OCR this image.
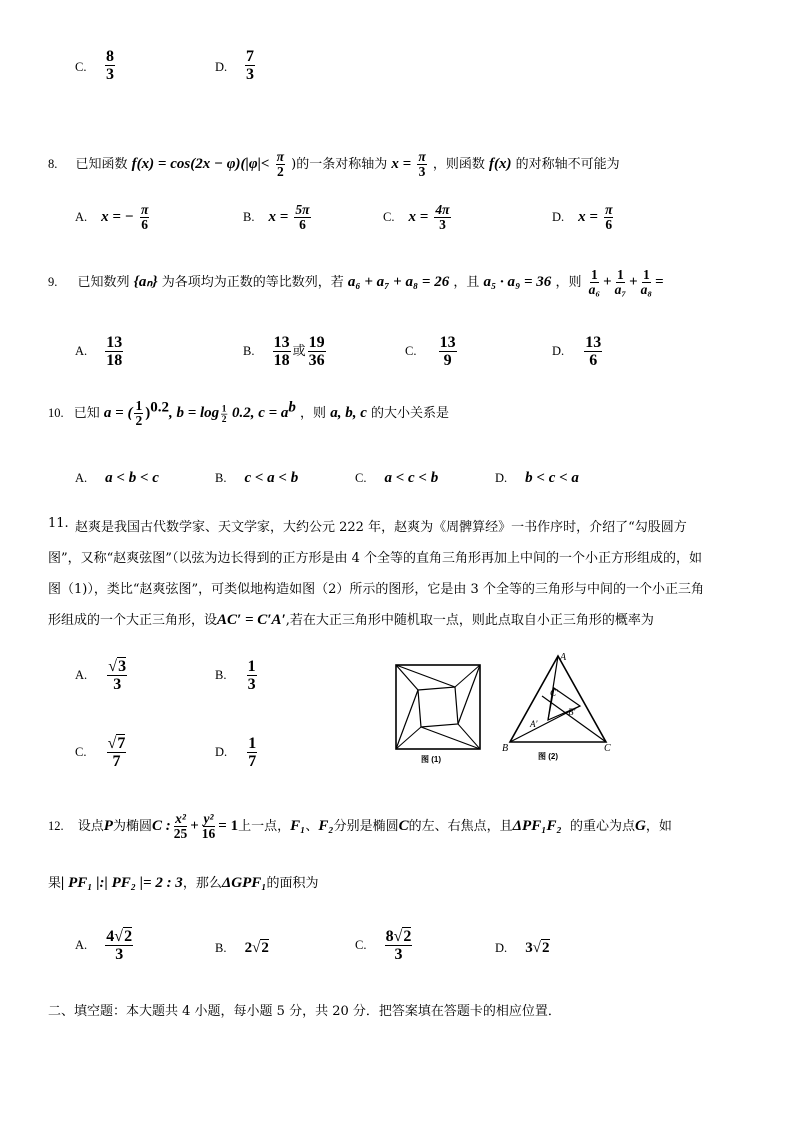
C. $\frac{8}{3}$	D. $\frac{7}{3}$
8. 已知函数 $f(x) = \cos(2x - \varphi)(|\varphi|< \frac{\pi}{2}$ )的一条对称轴为 $x = \frac{\pi}{3}$ ，则函数 f(x) 的对称轴不可能为
A. x = − $\frac{\pi}{6}$	B. $x = \frac{5\pi}{6}$	C. $x = \frac{4\pi}{3}$	D. $x = \frac{\pi}{6}$
9. 已知数列 {aₙ} 为各项均为正数的等比数列，若 a₆ + a₇ + a₈ = 26 ，且 a₅ · a₉ = 36 ，则 $\frac{1}{\text{a₆}} + \frac{1}{\text{a₇}} + \frac{1}{\text{a₈}}$ =
A. $\frac{13}{18}$	B. $\frac{13}{18}$ 或 $\frac{19}{36}$	C. $\frac{13}{9}$	D. $\frac{13}{6}$
10. 已知 a = ( $\frac{1}{2} )^{0.2}$, b = log $_{\frac{1}{2}}$ 0.2, $c = a^b$ ，则 a, b, c 的大小关系是
A. a < b < c	B. c < a < b	C. a < c < b	D. b < c < a
11. 赵爽是我国古代数学家、天文学家，大约公元 222 年，赵爽为《周髀算经》一书作序时，介绍了“勾股圆方
图”，又称“赵爽弦图”（以弦为边长得到的正方形是由 4 个全等的直角三角形再加上中间的一个小正方形组成的，如
图（1)），类比“赵爽弦图”，可类似地构造如图（2）所示的图形，它是由 3 个全等的三角形与中间的一个小正三角
形组成的一个大正三角形，设AC′ = C′A′,若在大正三角形中随机取一点，则此点取自小正三角形的概率为
A. $\frac{√3}{3}$	B. $\frac{1}{3}$
C. $\frac{√7}{7}$	D. $\frac{1}{7}$	图 (1)
A
B	C
A′
B′
C′
图 (2)
12. 设点P为椭圆C : $\frac{\text{x²}}{25} + \frac{\text{y²}}{16} = 1$上一点，F₁、F₂分别是椭圆C的左、右焦点，且ΔPF₁F₂ 的重心为点G，如
果| PF₁ |:| PF₂ |= 2 : 3，那么ΔGPF₁的面积为
A. $\frac{4√2}{3}$	B. 2√2	C. $\frac{8√2}{3}$	D. 3√2
二、填空题：本大题共 4 小题，每小题 5 分，共 20 分．把答案填在答题卡的相应位置．
